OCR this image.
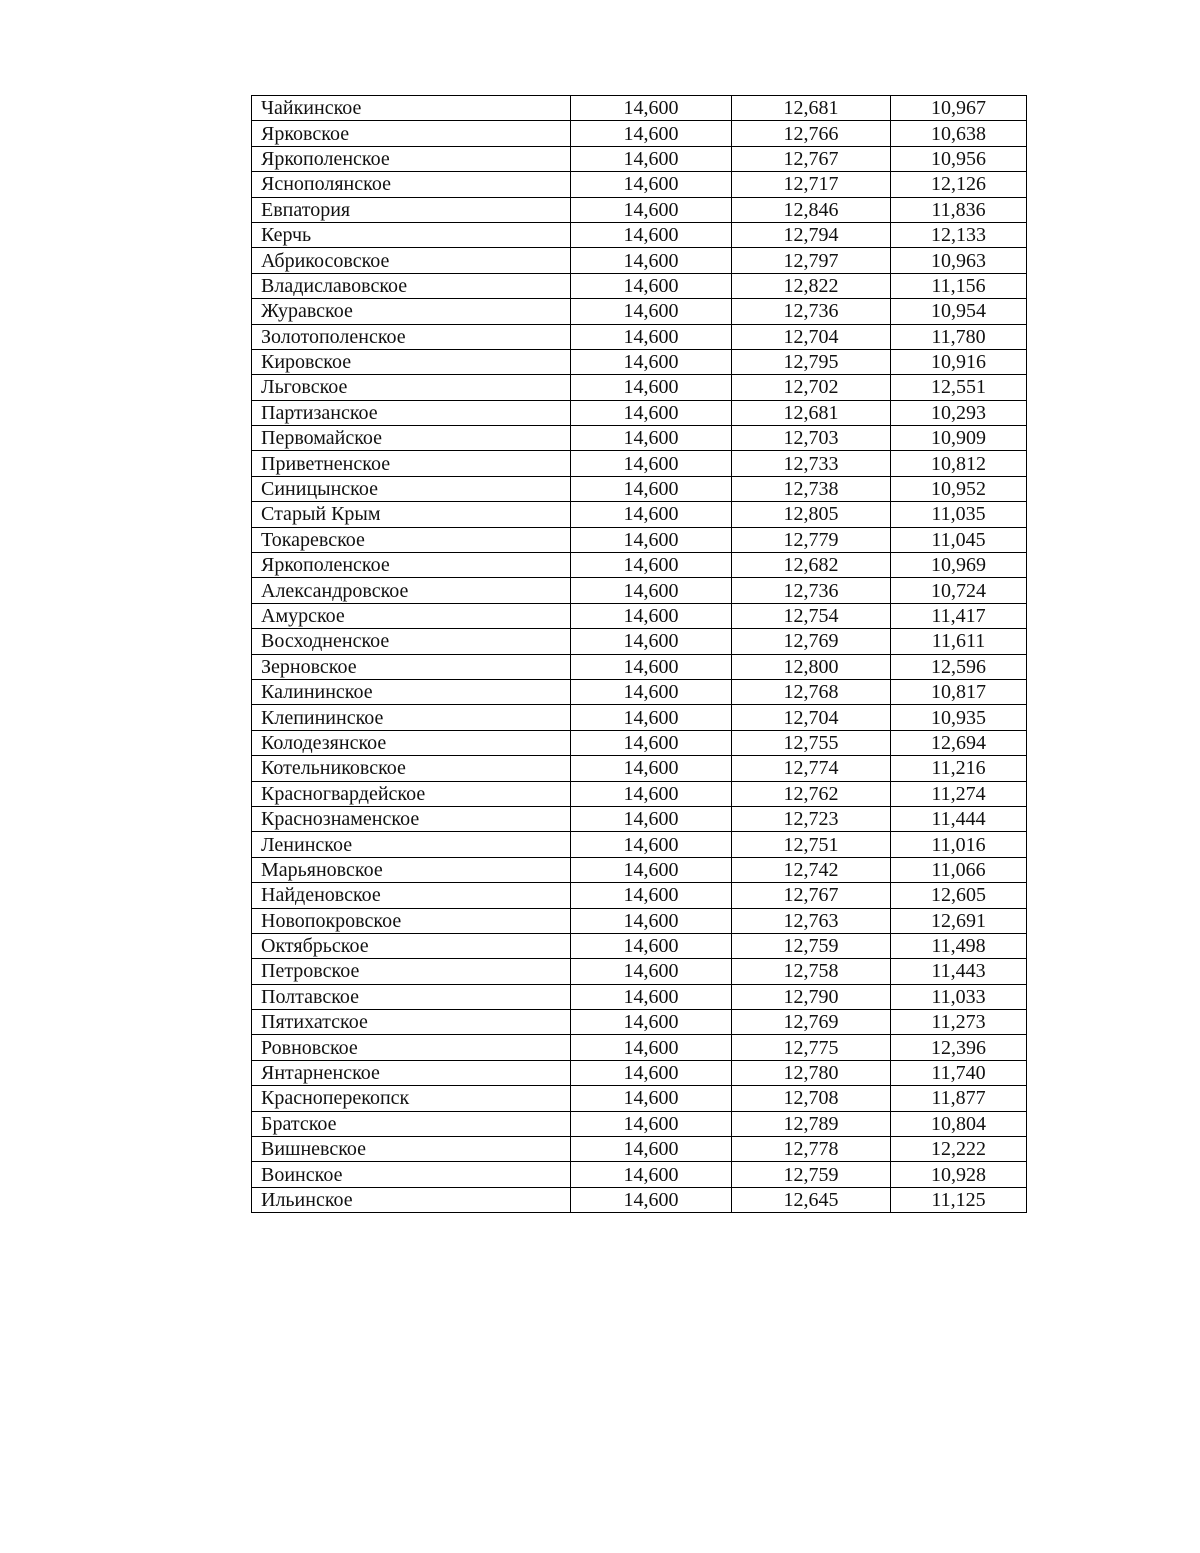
Чайкинское	14,600	12,681	10,967
Ярковское	14,600	12,766	10,638
Яркополенское	14,600	12,767	10,956
Яснополянское	14,600	12,717	12,126
Евпатория	14,600	12,846	11,836
Керчь	14,600	12,794	12,133
Абрикосовское	14,600	12,797	10,963
Владиславовское	14,600	12,822	11,156
Журавское	14,600	12,736	10,954
Золотополенское	14,600	12,704	11,780
Кировское	14,600	12,795	10,916
Льговское	14,600	12,702	12,551
Партизанское	14,600	12,681	10,293
Первомайское	14,600	12,703	10,909
Приветненское	14,600	12,733	10,812
Синицынское	14,600	12,738	10,952
Старый Крым	14,600	12,805	11,035
Токаревское	14,600	12,779	11,045
Яркополенское	14,600	12,682	10,969
Александровское	14,600	12,736	10,724
Амурское	14,600	12,754	11,417
Восходненское	14,600	12,769	11,611
Зерновское	14,600	12,800	12,596
Калининское	14,600	12,768	10,817
Клепининское	14,600	12,704	10,935
Колодезянское	14,600	12,755	12,694
Котельниковское	14,600	12,774	11,216
Красногвардейское	14,600	12,762	11,274
Краснознаменское	14,600	12,723	11,444
Ленинское	14,600	12,751	11,016
Марьяновское	14,600	12,742	11,066
Найденовское	14,600	12,767	12,605
Новопокровское	14,600	12,763	12,691
Октябрьское	14,600	12,759	11,498
Петровское	14,600	12,758	11,443
Полтавское	14,600	12,790	11,033
Пятихатское	14,600	12,769	11,273
Ровновское	14,600	12,775	12,396
Янтарненское	14,600	12,780	11,740
Красноперекопск	14,600	12,708	11,877
Братское	14,600	12,789	10,804
Вишневское	14,600	12,778	12,222
Воинское	14,600	12,759	10,928
Ильинское	14,600	12,645	11,125
